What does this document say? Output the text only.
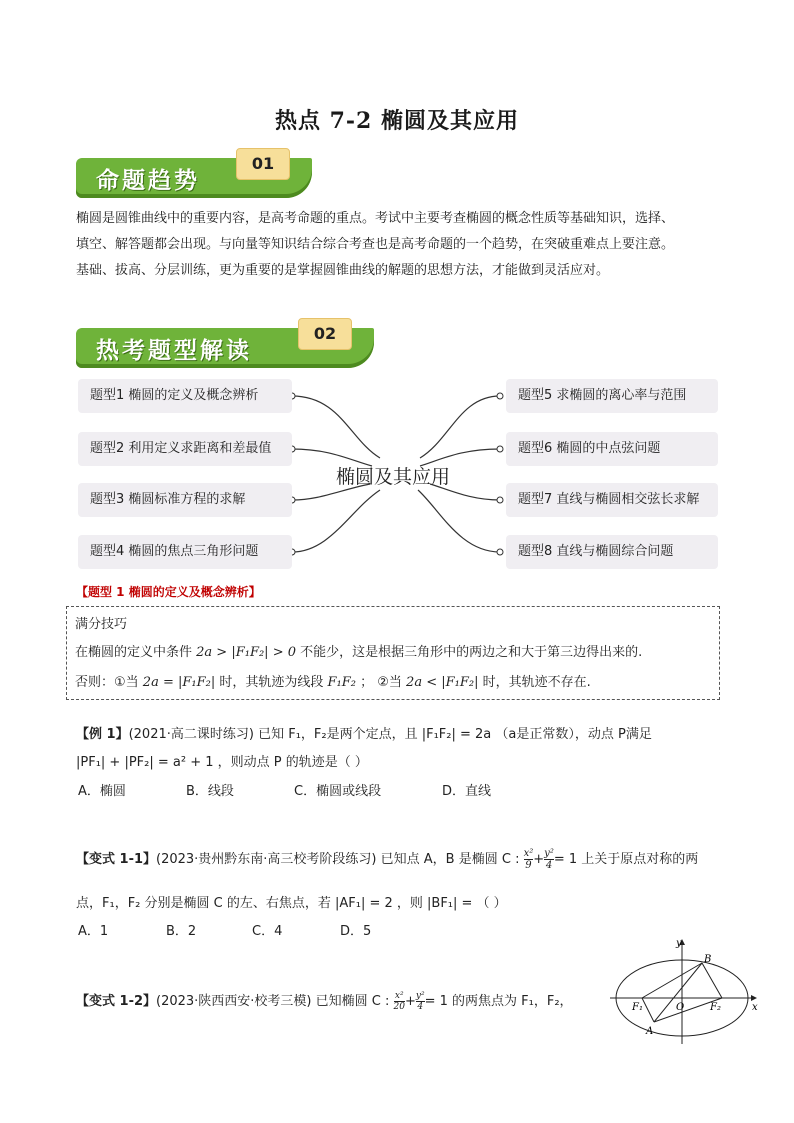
热点 7-2 椭圆及其应用
命题趋势
01
椭圆是圆锥曲线中的重要内容，是高考命题的重点。考试中主要考查椭圆的概念性质等基础知识，选择、
填空、解答题都会出现。与向量等知识结合综合考查也是高考命题的一个趋势，在突破重难点上要注意。
基础、拔高、分层训练，更为重要的是掌握圆锥曲线的解题的思想方法，才能做到灵活应对。
热考题型解读
02
题型1 椭圆的定义及概念辨析
题型2 利用定义求距离和差最值
题型3 椭圆标准方程的求解
题型4 椭圆的焦点三角形问题
题型5 求椭圆的离心率与范围
题型6 椭圆的中点弦问题
题型7 直线与椭圆相交弦长求解
题型8 直线与椭圆综合问题
椭圆及其应用
【题型 1 椭圆的定义及概念辨析】
满分技巧
在椭圆的定义中条件 2a > |F₁F₂| > 0 不能少，这是根据三角形中的两边之和大于第三边得出来的.
否则：①当 2a = |F₁F₂| 时，其轨迹为线段 F₁F₂ ； ②当 2a < |F₁F₂| 时，其轨迹不存在.
【例 1】(2021·高二课时练习) 已知 F₁，F₂是两个定点，且 |F₁F₂| = 2a （a是正常数），动点 P满足
|PF₁| + |PF₂| = a² + 1 ，则动点 P 的轨迹是（ ）
A．椭圆	B．线段	C．椭圆或线段	D．直线
【变式 1-1】(2023·贵州黔东南·高三校考阶段练习) 已知点 A，B 是椭圆 C : $\frac{\text{x²}}{9} + \frac{\text{y²}}{4} = 1$ 上关于原点对称的两
点，F₁，F₂ 分别是椭圆 C 的左、右焦点，若 |AF₁| = 2 ，则 |BF₁| = （ ）
A．1	B．2	C．4	D．5
【变式 1-2】(2023·陕西西安·校考三模) 已知椭圆 C : $\frac{\text{x²}}{20} + \frac{\text{y²}}{4} = 1$ 的两焦点为 F₁，F₂，
y
x
B
A
O
F₁	F₂
